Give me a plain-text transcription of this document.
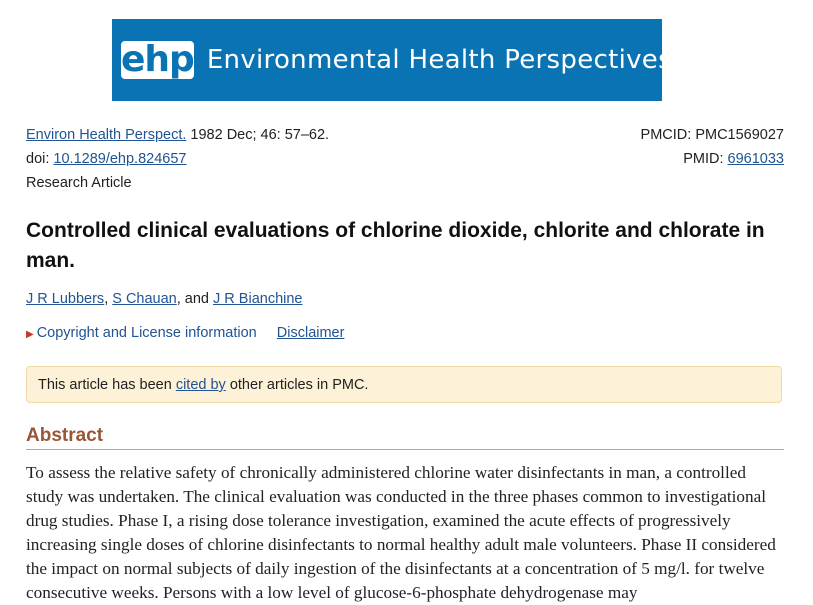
ehp Environmental Health Perspectives
Environ Health Perspect. 1982 Dec; 46: 57–62.
doi: 10.1289/ehp.824657
Research Article
PMCID: PMC1569027
PMID: 6961033
Controlled clinical evaluations of chlorine dioxide, chlorite and chlorate in man.
J R Lubbers, S Chauan, and J R Bianchine
▶ Copyright and License information Disclaimer
This article has been cited by other articles in PMC.
Abstract

To assess the relative safety of chronically administered chlorine water disinfectants in man, a controlled study was undertaken. The clinical evaluation was conducted in the three phases common to investigational drug studies. Phase I, a rising dose tolerance investigation, examined the acute effects of progressively increasing single doses of chlorine disinfectants to normal healthy adult male volunteers. Phase II considered the impact on normal subjects of daily ingestion of the disinfectants at a concentration of 5 mg/l. for twelve consecutive weeks. Persons with a low level of glucose-6-phosphate dehydrogenase may
